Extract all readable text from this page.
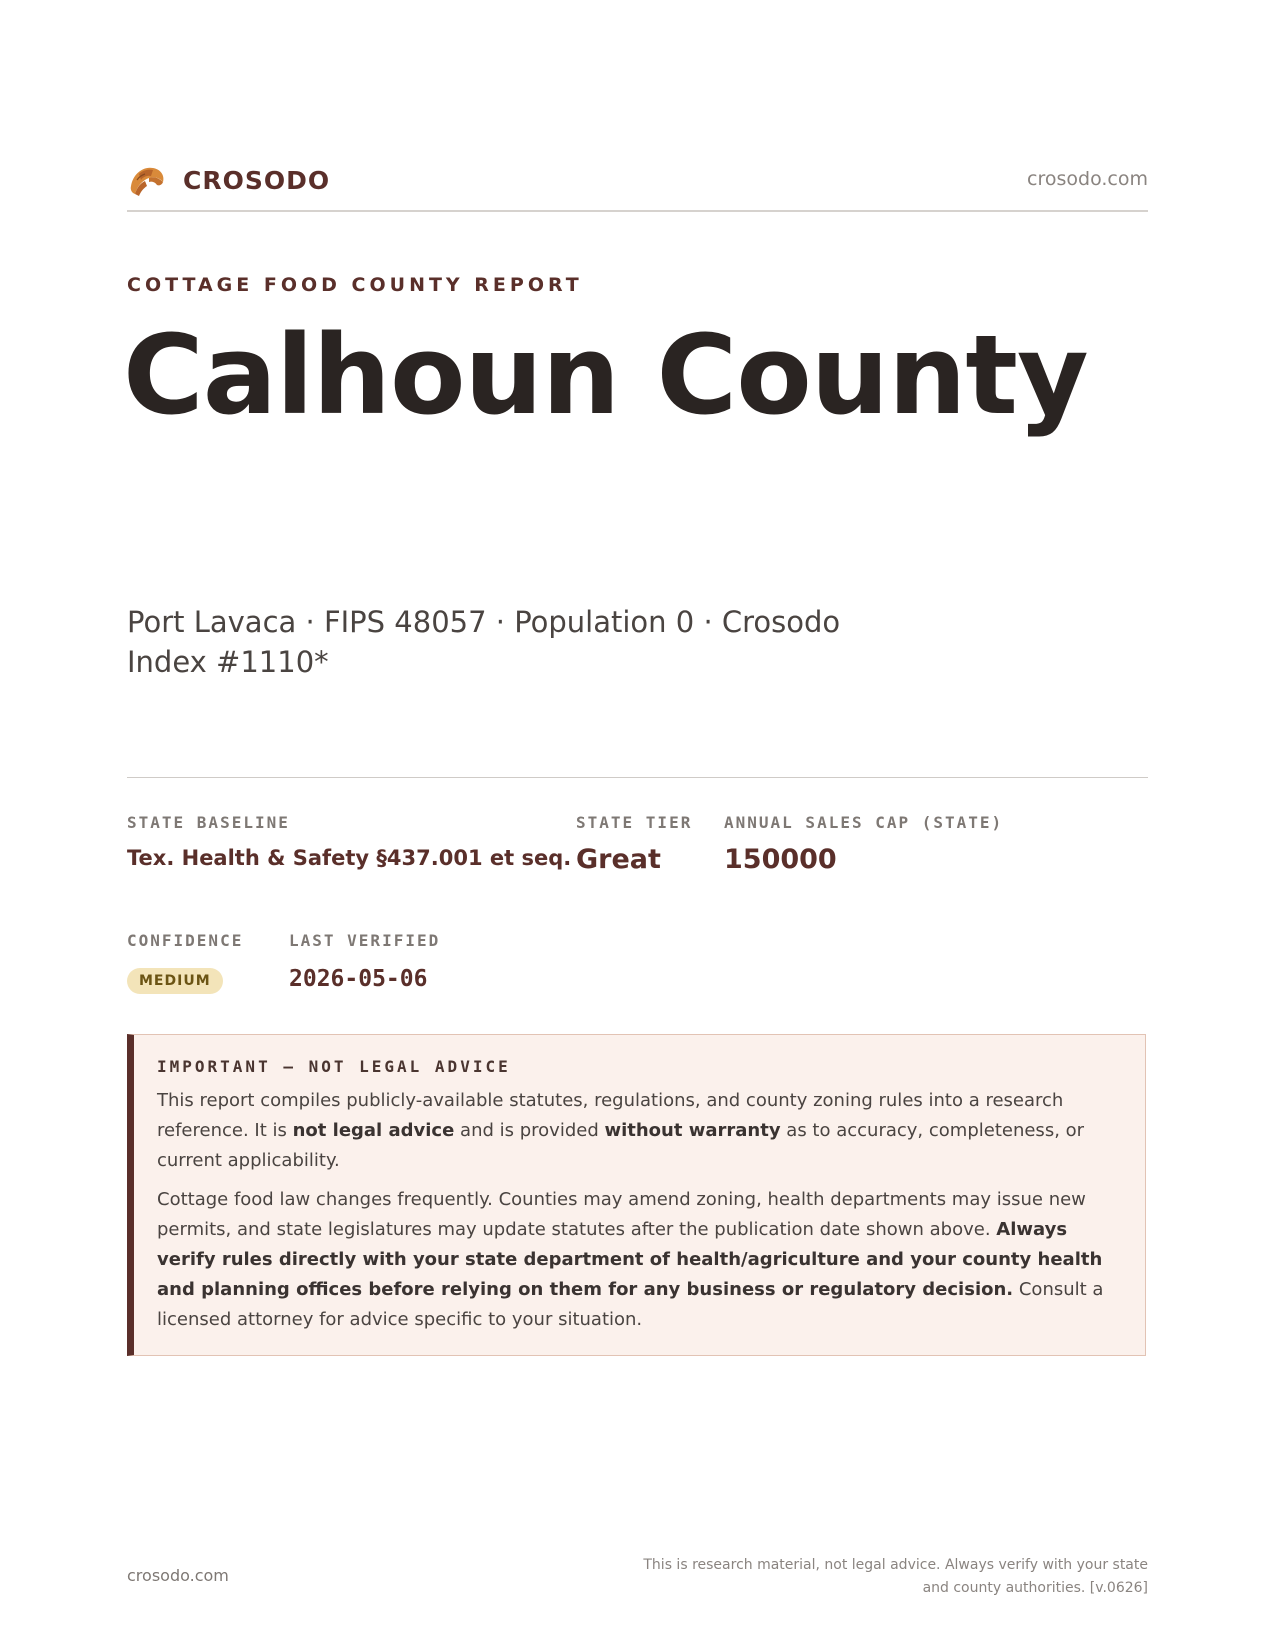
CROSODO	crosodo.com
COTTAGE FOOD COUNTY REPORT
Calhoun County
Port Lavaca · FIPS 48057 · Population 0 · Crosodo Index #1110*
STATE BASELINE
Tex. Health & Safety §437.001 et seq.
STATE TIER
Great
ANNUAL SALES CAP (STATE)
150000
CONFIDENCE
MEDIUM
LAST VERIFIED
2026-05-06
IMPORTANT — NOT LEGAL ADVICE

This report compiles publicly-available statutes, regulations, and county zoning rules into a research reference. It is not legal advice and is provided without warranty as to accuracy, completeness, or current applicability.

Cottage food law changes frequently. Counties may amend zoning, health departments may issue new permits, and state legislatures may update statutes after the publication date shown above. Always verify rules directly with your state department of health/agriculture and your county health and planning offices before relying on them for any business or regulatory decision. Consult a licensed attorney for advice specific to your situation.

crosodo.com
This is research material, not legal advice. Always verify with your state
and county authorities. [v.0626]
